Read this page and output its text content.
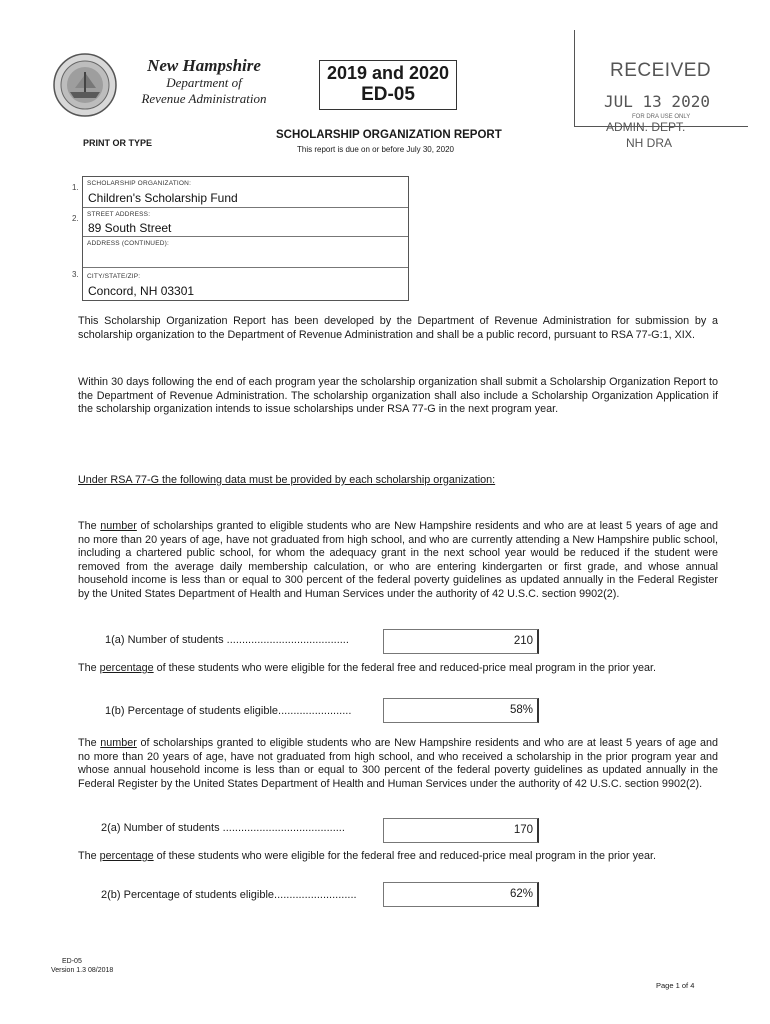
New Hampshire
Department of
Revenue Administration
2019 and 2020
ED-05
RECEIVED
JUL 13 2020
FOR DRA USE ONLY
ADMIN. DEPT.
NH DRA
PRINT OR TYPE
SCHOLARSHIP ORGANIZATION REPORT
This report is due on or before July 30, 2020
1.
2.
3.
SCHOLARSHIP ORGANIZATION:
Children's Scholarship Fund
STREET ADDRESS:
89 South Street
ADDRESS (CONTINUED):
CITY/STATE/ZIP:
Concord, NH 03301
This Scholarship Organization Report has been developed by the Department of Revenue Administration for submission by a scholarship organization to the Department of Revenue Administration and shall be a public record, pursuant to RSA 77-G:1, XIX.
Within 30 days following the end of each program year the scholarship organization shall submit a Scholarship Organization Report to the Department of Revenue Administration. The scholarship organization shall also include a Scholarship Organization Application if the scholarship organization intends to issue scholarships under RSA 77-G in the next program year.
Under RSA 77-G the following data must be provided by each scholarship organization:
The number of scholarships granted to eligible students who are New Hampshire residents and who are at least 5 years of age and no more than 20 years of age, have not graduated from high school, and who are currently attending a New Hampshire public school, including a chartered public school, for whom the adequacy grant in the next school year would be reduced if the student were removed from the average daily membership calculation, or who are entering kindergarten or first grade, and whose annual household income is less than or equal to 300 percent of the federal poverty guidelines as updated annually in the Federal Register by the United States Department of Health and Human Services under the authority of 42 U.S.C. section 9902(2).
1(a) Number of students ........................................	210
The percentage of these students who were eligible for the federal free and reduced-price meal program in the prior year.
1(b) Percentage of students eligible........................	58%
The number of scholarships granted to eligible students who are New Hampshire residents and who are at least 5 years of age and no more than 20 years of age, have not graduated from high school, and who received a scholarship in the prior program year and whose annual household income is less than or equal to 300 percent of the federal poverty guidelines as updated annually in the Federal Register by the United States Department of Health and Human Services under the authority of 42 U.S.C. section 9902(2).
2(a) Number of students ........................................	170
The percentage of these students who were eligible for the federal free and reduced-price meal program in the prior year.
2(b) Percentage of students eligible...........................	62%
ED-05
Version 1.3 08/2018
Page 1 of 4
